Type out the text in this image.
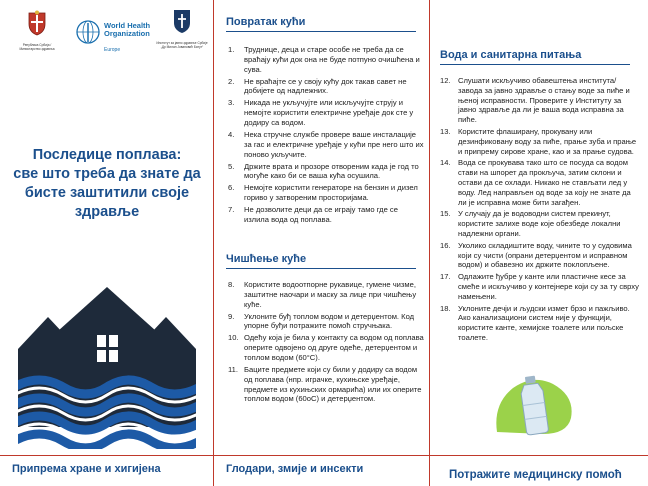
Република Србија / Министарство здравља
World Health
Organization
Europe
Институт за јавно здравље Србије „Др Милан Јовановић Батут“
Последице поплава:
све што треба да знате да
бисте заштитили своје
здравље
Припрема хране и хигијена
Повратак кући
1. Труднице, деца и старе особе не треба да се враћају кући док она не буде потпуно очишћена и сува.
2. Не враћајте се у своју кућу док такав савет не добијете од надлежних.
3. Никада не укључујте или искључујте струју и немојте користити електричне уређаје док сте у додиру са водом.
4. Нека стручне службе провере ваше инсталације за гас и електричне уређаје у кући пре него што их поново укључите.
5. Држите врата и прозоре отвореним када је год то могуће како би се ваша кућа осушила.
6. Немојте користити генераторе на бензин и дизел гориво у затвореним просторијама.
7. Не дозволите деци да се играју тамо где се излила вода од поплава.
Чишћење куће
8. Користите водоотпорне рукавице, гумене чизме, заштитне наочари и маску за лице при чишћењу куће.
9. Уклоните буђ топлом водом и детерџентом. Код упорне буђи потражите помоћ стручњака.
10. Одећу која је била у контакту са водом од поплава оперите одвојено од друге одеће, детерџентом и топлом водом (60°C).
11. Баците предмете који су били у додиру са водом од поплава (нпр. играчке, кухињске уређаје, предмете из кухињских ормарића) или их оперите топлом водом (60оС) и детерџентом.
Глодари, змије и инсекти
Вода и санитарна питања
12. Слушати искључиво обавештења института/завода за јавно здравље о стању воде за пиће и њеној исправности. Проверите у Институту за јавно здравље да ли је ваша вода исправна за пиће.
13. Користите флаширану, прокувану или дезинфиковану воду за пиће, прање зуба и прање и припрему сирове хране, као и за прање судова.
14. Вода се прокувава тако што се посуда са водом стави на шпорет да прокључа, затим склони и остави да се охлади. Никако не стављати лед у воду. Лед направљен од воде за коју не знате да ли је исправна може бити загађен.
15. У случају да је водоводни систем прекинут, користите залихе воде које обезбеде локални надлежни органи.
16. Уколико складиштите воду, чините то у судовима који су чисти (опрани детерџентом и исправном водом) и обавезно их држите поклопљене.
17. Одлажите ђубре у канте или пластичне кесе за смеће и искључиво у контејнере који су за ту сврху намењени.
18. Уклоните дечји и људски измет брзо и пажљиво. Ако канализациони систем није у функцији, користите канте, хемијске тоалете или пољске тоалете.
Потражите медицинску помоћ
